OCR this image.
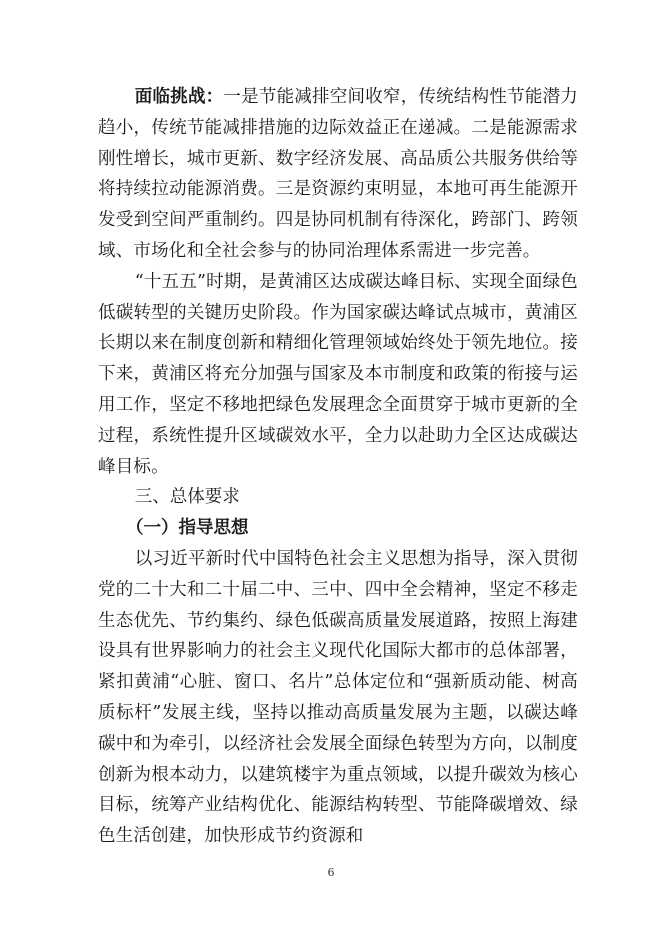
面临挑战：一是节能减排空间收窄，传统结构性节能潜力趋小，传统节能减排措施的边际效益正在递减。二是能源需求刚性增长，城市更新、数字经济发展、高品质公共服务供给等将持续拉动能源消费。三是资源约束明显，本地可再生能源开发受到空间严重制约。四是协同机制有待深化，跨部门、跨领域、市场化和全社会参与的协同治理体系需进一步完善。

“十五五”时期，是黄浦区达成碳达峰目标、实现全面绿色低碳转型的关键历史阶段。作为国家碳达峰试点城市，黄浦区长期以来在制度创新和精细化管理领域始终处于领先地位。接下来，黄浦区将充分加强与国家及本市制度和政策的衔接与运用工作，坚定不移地把绿色发展理念全面贯穿于城市更新的全过程，系统性提升区域碳效水平，全力以赴助力全区达成碳达峰目标。

三、总体要求

（一）指导思想

以习近平新时代中国特色社会主义思想为指导，深入贯彻党的二十大和二十届二中、三中、四中全会精神，坚定不移走生态优先、节约集约、绿色低碳高质量发展道路，按照上海建设具有世界影响力的社会主义现代化国际大都市的总体部署，紧扣黄浦“心脏、窗口、名片”总体定位和“强新质动能、树高质标杆”发展主线，坚持以推动高质量发展为主题，以碳达峰碳中和为牵引，以经济社会发展全面绿色转型为方向，以制度创新为根本动力，以建筑楼宇为重点领域，以提升碳效为核心目标，统筹产业结构优化、能源结构转型、节能降碳增效、绿色生活创建，加快形成节约资源和

6
